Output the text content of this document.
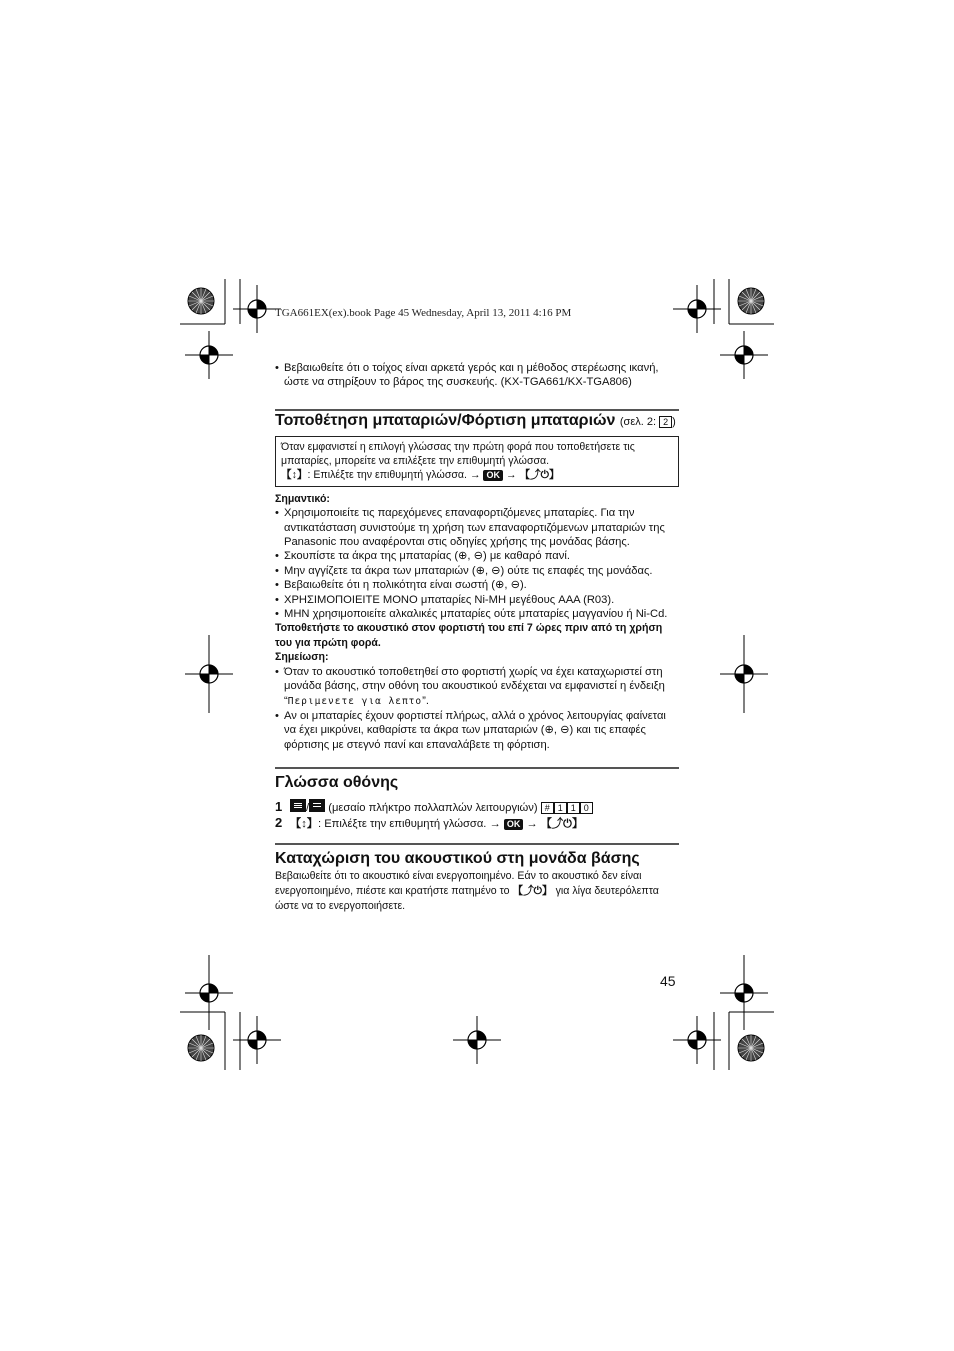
TGA661EX(ex).book Page 45 Wednesday, April 13, 2011 4:16 PM

• Βεβαιωθείτε ότι ο τοίχος είναι αρκετά γερός και η μέθοδος στερέωσης ικανή, ώστε να στηρίξουν το βάρος της συσκευής. (KX-TGA661/KX-TGA806)

Τοποθέτηση μπαταριών/Φόρτιση μπαταριών (σελ. 2: 2 )
Όταν εμφανιστεί η επιλογή γλώσσας την πρώτη φορά που τοποθετήσετε τις μπαταρίες, μπορείτε να επιλέξετε την επιθυμητή γλώσσα.
【↕】: Επιλέξτε την επιθυμητή γλώσσα. → OK → 【⤴⏻】
Σημαντικό:

• Χρησιμοποιείτε τις παρεχόμενες επαναφορτιζόμενες μπαταρίες. Για την αντικατάσταση συνιστούμε τη χρήση των επαναφορτιζόμενων μπαταριών της Panasonic που αναφέρονται στις οδηγίες χρήσης της μονάδας βάσης.

• Σκουπίστε τα άκρα της μπαταρίας (⊕, ⊖) με καθαρό πανί.

• Μην αγγίζετε τα άκρα των μπαταριών (⊕, ⊖) ούτε τις επαφές της μονάδας.

• Βεβαιωθείτε ότι η πολικότητα είναι σωστή (⊕, ⊖).

• ΧΡΗΣΙΜΟΠΟΙΕΙΤΕ ΜΟΝΟ μπαταρίες Ni-MH μεγέθους AAA (R03).

• ΜΗΝ χρησιμοποιείτε αλκαλικές μπαταρίες ούτε μπαταρίες μαγγανίου ή Ni-Cd.

Τοποθετήστε το ακουστικό στον φορτιστή του επί 7 ώρες πριν από τη χρήση του για πρώτη φορά.
Σημείωση:

• Όταν το ακουστικό τοποθετηθεί στο φορτιστή χωρίς να έχει καταχωριστεί στη μονάδα βάσης, στην οθόνη του ακουστικού ενδέχεται να εμφανιστεί η ένδειξη “Περιμενετε για λεπτο”.

• Αν οι μπαταρίες έχουν φορτιστεί πλήρως, αλλά ο χρόνος λειτουργίας φαίνεται να έχει μικρύνει, καθαρίστε τα άκρα των μπαταριών (⊕, ⊖) και τις επαφές φόρτισης με στεγνό πανί και επαναλάβετε τη φόρτιση.

Γλώσσα οθόνης
1	/ (μεσαίο πλήκτρο πολλαπλών λειτουργιών) # 1 1 0
2 【↕】: Επιλέξτε την επιθυμητή γλώσσα. → OK → 【⤴⏻】
Καταχώριση του ακουστικού στη μονάδα βάσης
Βεβαιωθείτε ότι το ακουστικό είναι ενεργοποιημένο. Εάν το ακουστικό δεν είναι ενεργοποιημένο, πιέστε και κρατήστε πατημένο το 【⤴⏻】 για λίγα δευτερόλεπτα ώστε να το ενεργοποιήσετε.
45
